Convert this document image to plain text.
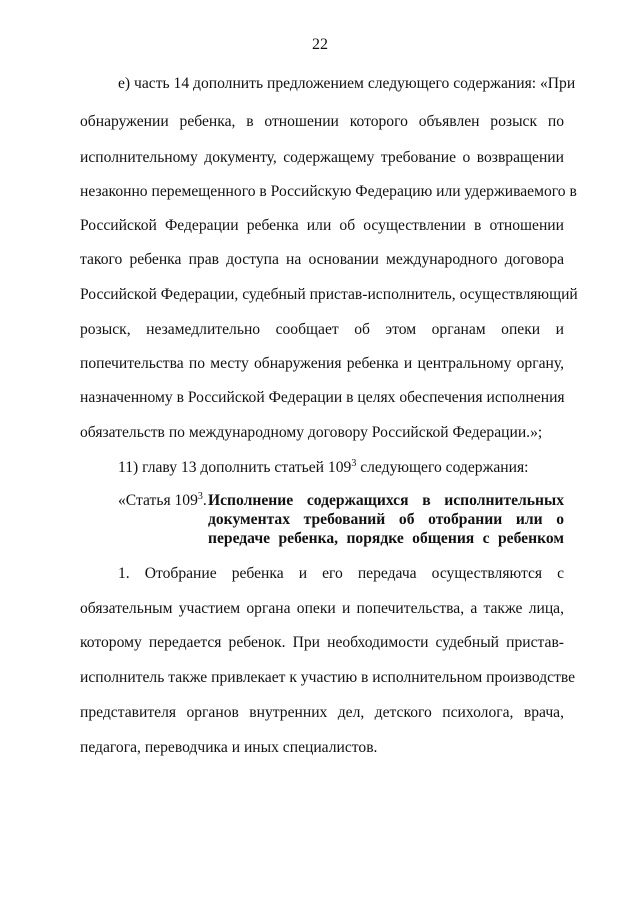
22
е) часть 14 дополнить предложением следующего содержания: «При
обнаружении ребенка, в отношении которого объявлен розыск по
исполнительному документу, содержащему требование о возвращении
незаконно перемещенного в Российскую Федерацию или удерживаемого в
Российской Федерации ребенка или об осуществлении в отношении
такого ребенка прав доступа на основании международного договора
Российской Федерации, судебный пристав-исполнитель, осуществляющий
розыск, незамедлительно сообщает об этом органам опеки и
попечительства по месту обнаружения ребенка и центральному органу,
назначенному в Российской Федерации в целях обеспечения исполнения
обязательств по международному договору Российской Федерации.»;
11) главу 13 дополнить статьей $109^3$ следующего содержания:
«Статья $109^3$. Исполнение содержащихся в исполнительных
документах требований об отобрании или о
передаче ребенка, порядке общения с ребенком
1. Отобрание ребенка и его передача осуществляются с
обязательным участием органа опеки и попечительства, а также лица,
которому передается ребенок. При необходимости судебный пристав-
исполнитель также привлекает к участию в исполнительном производстве
представителя органов внутренних дел, детского психолога, врача,
педагога, переводчика и иных специалистов.
